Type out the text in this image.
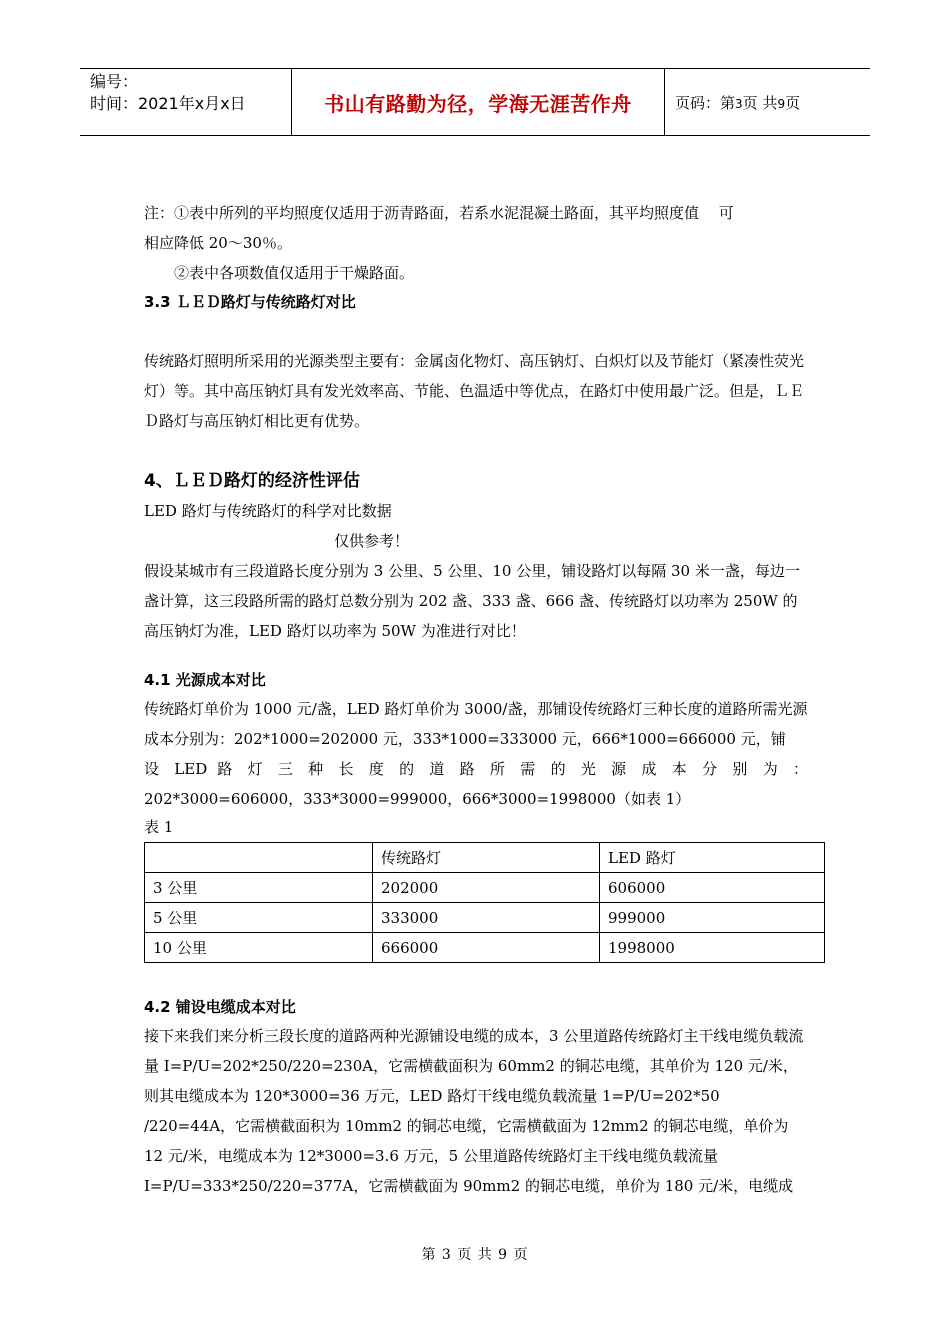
编号：
时间：2021年x月x日	书山有路勤为径，学海无涯苦作舟	页码：第3页 共9页

注：①表中所列的平均照度仅适用于沥青路面，若系水泥混凝土路面，其平均照度值　 可

相应降低 20～30％。

②表中各项数值仅适用于干燥路面。

3.3 ＬＥＤ路灯与传统路灯对比

传统路灯照明所采用的光源类型主要有：金属卤化物灯、高压钠灯、白炽灯以及节能灯（紧凑性荧光灯）等。其中高压钠灯具有发光效率高、节能、色温适中等优点，在路灯中使用最广泛。但是，ＬＥＤ路灯与高压钠灯相比更有优势。

4、ＬＥＤ路灯的经济性评估

LED 路灯与传统路灯的科学对比数据

仅供参考！

假设某城市有三段道路长度分别为 3 公里、5 公里、10 公里，铺设路灯以每隔 30 米一盏，每边一盏计算，这三段路所需的路灯总数分别为 202 盏、333 盏、666 盏、传统路灯以功率为 250W 的高压钠灯为准，LED 路灯以功率为 50W 为准进行对比！

4.1 光源成本对比

传统路灯单价为 1000 元/盏，LED 路灯单价为 3000/盏，那铺设传统路灯三种长度的道路所需光源成本分别为：202*1000=202000 元，333*1000=333000 元，666*1000=666000 元，铺

设 LED 路 灯 三 种 长 度 的 道 路 所 需 的 光 源 成 本 分 别 为 ：

202*3000=606000，333*3000=999000，666*3000=1998000（如表 1）

表 1

	传统路灯	LED 路灯
3 公里	202000	606000
5 公里	333000	999000
10 公里	666000	1998000

4.2 铺设电缆成本对比

接下来我们来分析三段长度的道路两种光源铺设电缆的成本，3 公里道路传统路灯主干线电缆负载流量 I=P/U=202*250/220=230A，它需横截面积为 60mm2 的铜芯电缆，其单价为 120 元/米，则其电缆成本为 120*3000=36 万元，LED 路灯干线电缆负载流量 1=P/U=202*50 /220=44A，它需横截面积为 10mm2 的铜芯电缆，它需横截面为 12mm2 的铜芯电缆，单价为 12 元/米，电缆成本为 12*3000=3.6 万元，5 公里道路传统路灯主干线电缆负载流量 I=P/U=333*250/220=377A，它需横截面为 90mm2 的铜芯电缆，单价为 180 元/米，电缆成

第 3 页 共 9 页
